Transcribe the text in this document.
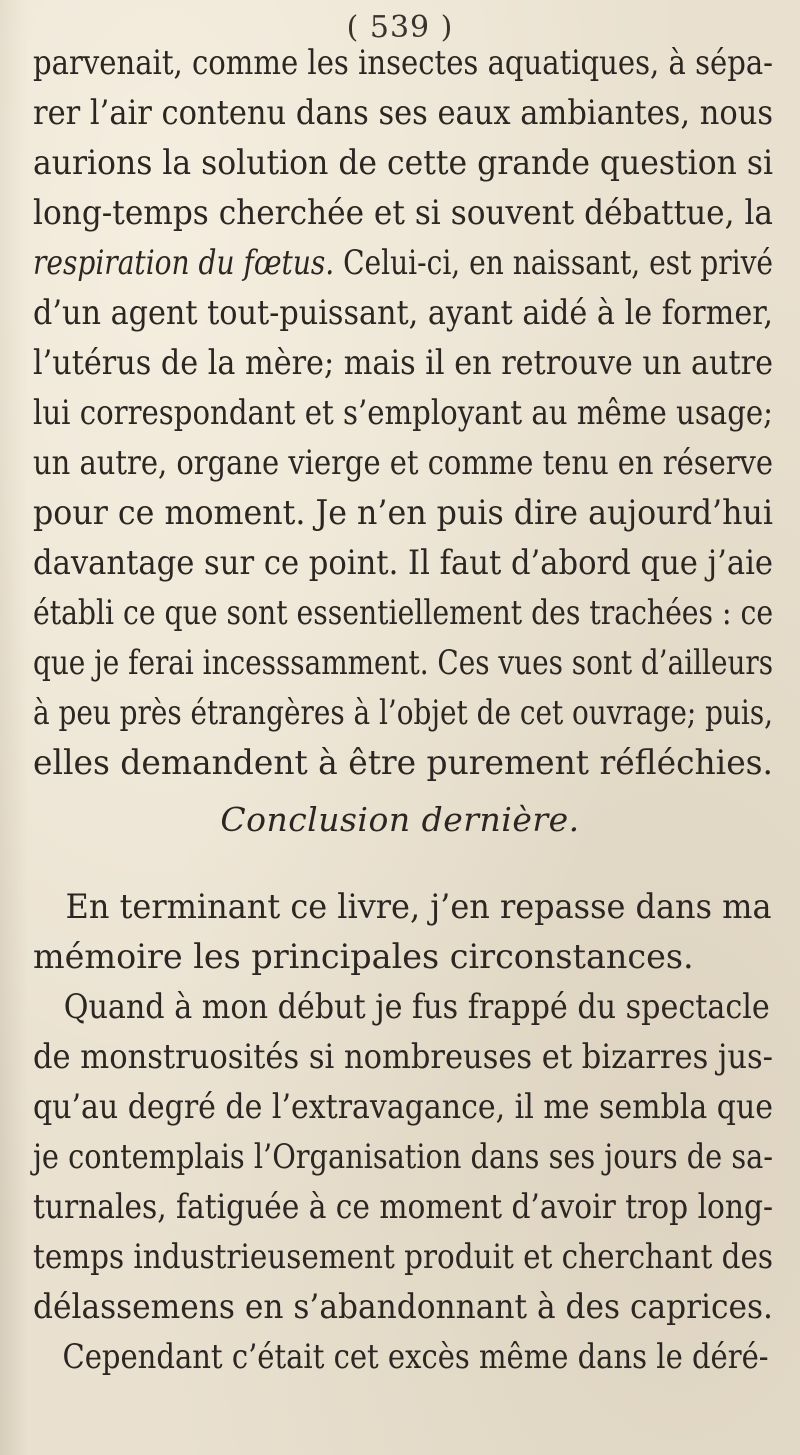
( 539 )
parvenait, comme les insectes aquatiques, à sépa-
rer l’air contenu dans ses eaux ambiantes, nous
aurions la solution de cette grande question si
long-temps cherchée et si souvent débattue, la
respiration du fœtus. Celui-ci, en naissant, est privé
d’un agent tout-puissant, ayant aidé à le former,
l’utérus de la mère; mais il en retrouve un autre
lui correspondant et s’employant au même usage;
un autre, organe vierge et comme tenu en réserve
pour ce moment. Je n’en puis dire aujourd’hui
davantage sur ce point. Il faut d’abord que j’aie
établi ce que sont essentiellement des trachées : ce
que je ferai incesssamment. Ces vues sont d’ailleurs
à peu près étrangères à l’objet de cet ouvrage; puis,
elles demandent à être purement réfléchies.
Conclusion dernière.
En terminant ce livre, j’en repasse dans ma
mémoire les principales circonstances.
Quand à mon début je fus frappé du spectacle
de monstruosités si nombreuses et bizarres jus-
qu’au degré de l’extravagance, il me sembla que
je contemplais l’Organisation dans ses jours de sa-
turnales, fatiguée à ce moment d’avoir trop long-
temps industrieusement produit et cherchant des
délassemens en s’abandonnant à des caprices.
Cependant c’était cet excès même dans le déré-
